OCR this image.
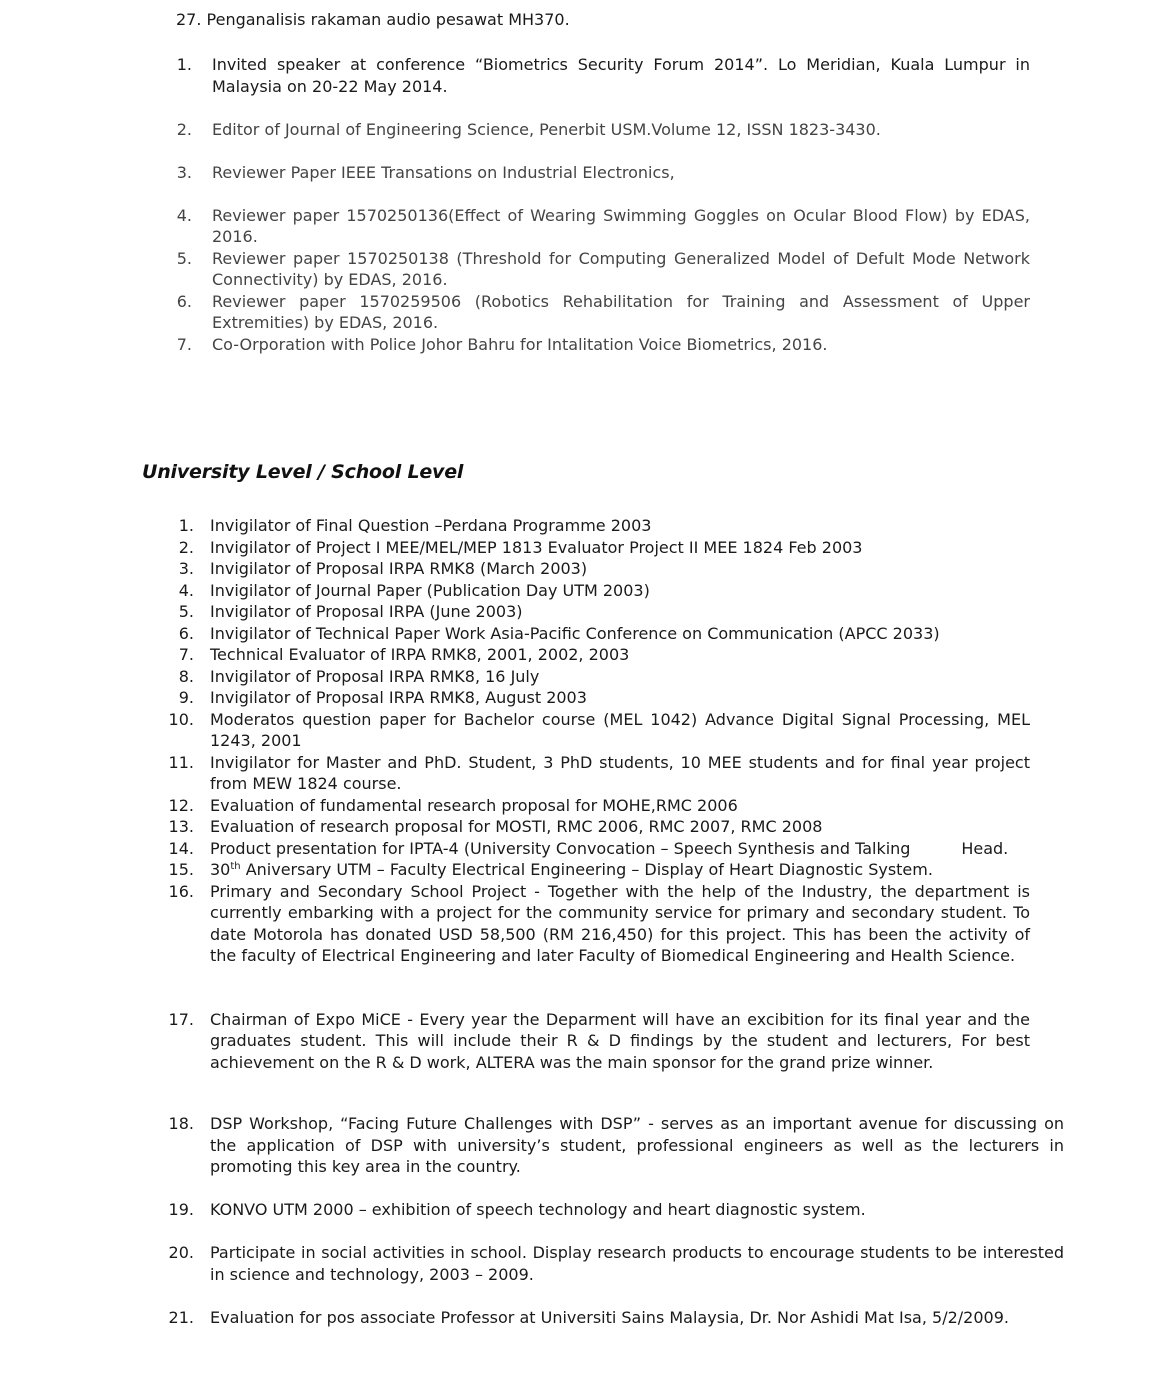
27. Penganalisis rakaman audio pesawat MH370.
1. Invited speaker at conference “Biometrics Security Forum 2014”. Lo Meridian, Kuala Lumpur in Malaysia on 20-22 May 2014.
2. Editor of Journal of Engineering Science, Penerbit USM.Volume 12, ISSN 1823-3430.
3. Reviewer Paper IEEE Transations on Industrial Electronics,
4. Reviewer paper 1570250136(Effect of Wearing Swimming Goggles on Ocular Blood Flow) by EDAS, 2016.
5. Reviewer paper 1570250138 (Threshold for Computing Generalized Model of Defult Mode Network Connectivity) by EDAS, 2016.
6. Reviewer paper 1570259506 (Robotics Rehabilitation for Training and Assessment of Upper Extremities) by EDAS, 2016.
7. Co-Orporation with Police Johor Bahru for Intalitation Voice Biometrics, 2016.
University Level / School Level
1. Invigilator of Final Question –Perdana Programme 2003
2. Invigilator of Project I MEE/MEL/MEP 1813 Evaluator Project II MEE 1824 Feb 2003
3. Invigilator of Proposal IRPA RMK8 (March 2003)
4. Invigilator of Journal Paper (Publication Day UTM 2003)
5. Invigilator of Proposal IRPA (June 2003)
6. Invigilator of Technical Paper Work Asia-Pacific Conference on Communication (APCC 2033)
7. Technical Evaluator of IRPA RMK8, 2001, 2002, 2003
8. Invigilator of Proposal IRPA RMK8, 16 July
9. Invigilator of Proposal IRPA RMK8, August 2003
10. Moderatos question paper for Bachelor course (MEL 1042) Advance Digital Signal Processing, MEL 1243, 2001
11. Invigilator for Master and PhD. Student, 3 PhD students, 10 MEE students and for final year project from MEW 1824 course.
12. Evaluation of fundamental research proposal for MOHE,RMC 2006
13. Evaluation of research proposal for MOSTI, RMC 2006, RMC 2007, RMC 2008
14. Product presentation for IPTA-4 (University Convocation – Speech Synthesis and Talking          Head.
15. 30th Aniversary UTM – Faculty Electrical Engineering – Display of Heart Diagnostic System.
16. Primary and Secondary School Project - Together with the help of the Industry, the department is currently embarking with a project for the community service for primary and secondary student. To date Motorola has donated USD 58,500 (RM 216,450) for this project. This has been the activity of the faculty of Electrical Engineering and later Faculty of Biomedical Engineering and Health Science.
17. Chairman of Expo MiCE - Every year the Deparment will have an excibition for its final year and the graduates student. This will include their R & D findings by the student and lecturers, For best achievement on the R & D work, ALTERA was the main sponsor for the grand prize winner.
18. DSP Workshop, “Facing Future Challenges with DSP” - serves as an important avenue for discussing on the application of DSP with university’s student, professional engineers as well as the lecturers in promoting this key area in the country.
19. KONVO UTM 2000 – exhibition of speech technology and heart diagnostic system.
20. Participate in social activities in school. Display research products to encourage students to be interested in science and technology, 2003 – 2009.
21. Evaluation for pos associate Professor at Universiti Sains Malaysia, Dr. Nor Ashidi Mat Isa, 5/2/2009.
